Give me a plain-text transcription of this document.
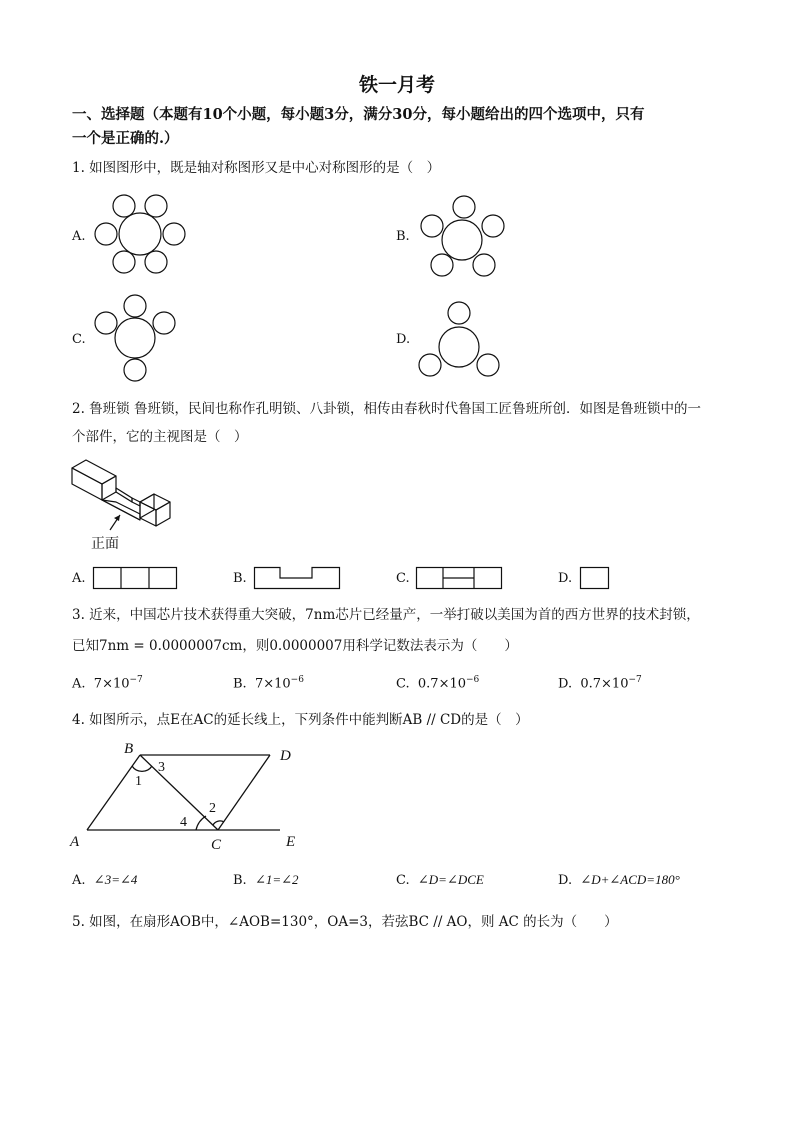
铁一月考
一、选择题（本题有10个小题，每小题3分，满分30分，每小题给出的四个选项中，只有
一个是正确的.）
1. 如图图形中，既是轴对称图形又是中心对称图形的是（　）
A.	B.
C.	D.
2. 鲁班锁 鲁班锁，民间也称作孔明锁、八卦锁，相传由春秋时代鲁国工匠鲁班所创．如图是鲁班锁中的一
个部件，它的主视图是（　）
正面
A.	B.	C.	D.
3. 近来，中国芯片技术获得重大突破，7nm芯片已经量产，一举打破以美国为首的西方世界的技术封锁，
已知7nm = 0.0000007cm，则0.0000007用科学记数法表示为（　　）
A. $7\times 10^{-7}$	B. $7\times 10^{-6}$	C. $0.7\times 10^{-6}$	D. $0.7\times 10^{-7}$
4. 如图所示，点E在AC的延长线上，下列条件中能判断AB // CD的是（　）
B	D
A	C	E
1
3
2
4
A. ∠3=∠4	B. ∠1=∠2	C. ∠D=∠DCE	D. ∠D+∠ACD=180°
5. 如图，在扇形AOB中，∠AOB=130°，OA=3，若弦BC // AO，则 AC 的长为（　　）
